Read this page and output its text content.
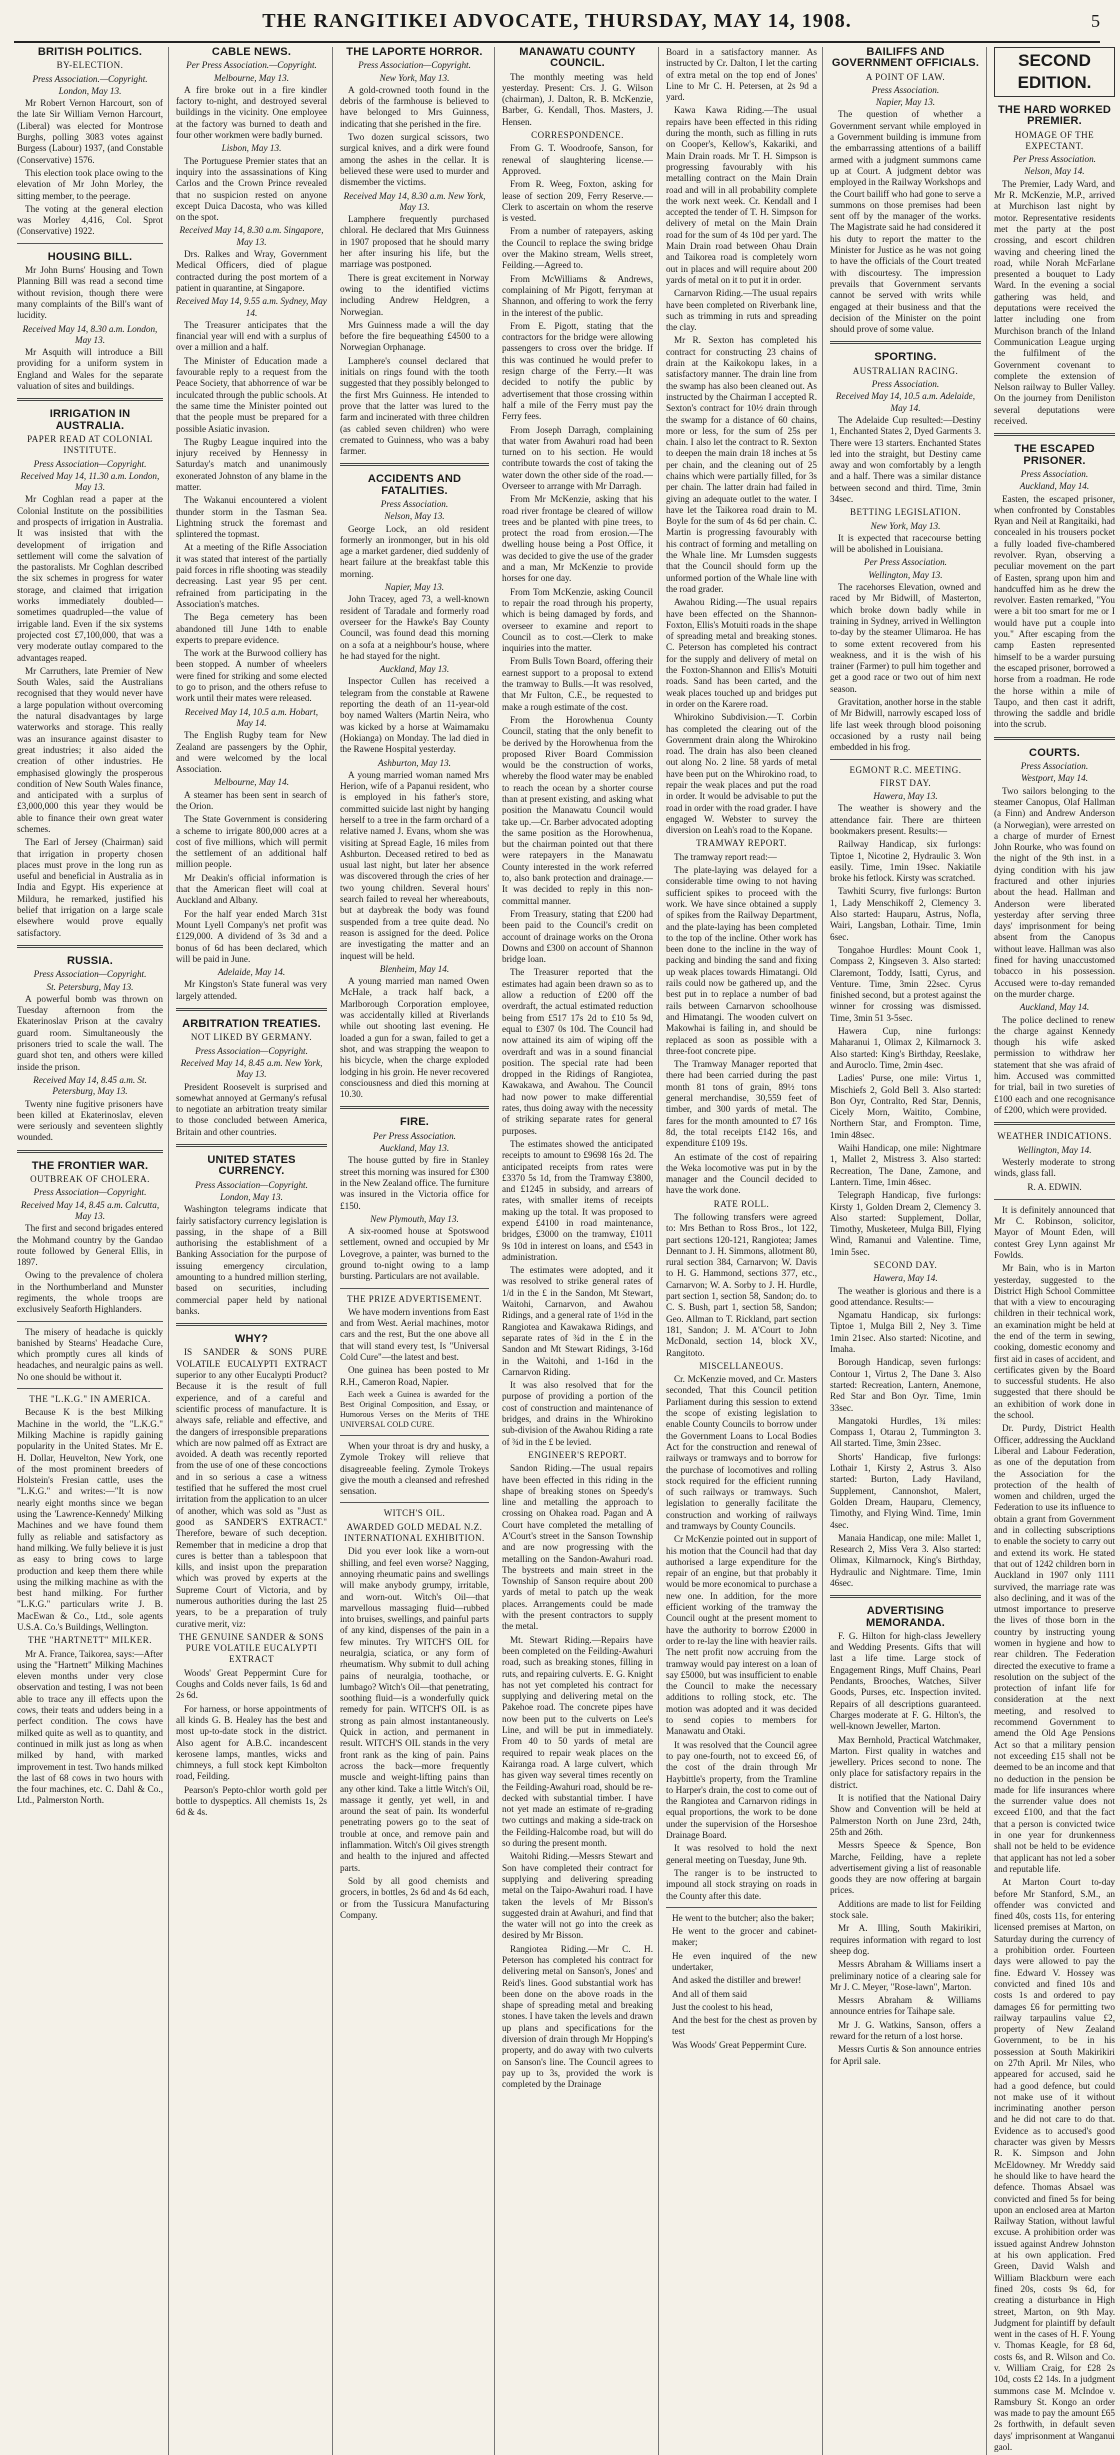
THE RANGITIKEI ADVOCATE, THURSDAY, MAY 14, 1908.	5
BRITISH POLITICS.
BY-ELECTION.
Press Association.—Copyright.
London, May 13.

Mr Robert Vernon Harcourt, son of the late Sir William Vernon Harcourt, (Liberal) was elected for Montrose Burghs, polling 3083 votes against Burgess (Labour) 1937, (and Constable (Conservative) 1576.

This election took place owing to the elevation of Mr John Morley, the sitting member, to the peerage.

The voting at the general election was Morley 4,416, Col. Sprot (Conservative) 1922.

HOUSING BILL.

Mr John Burns' Housing and Town Planning Bill was read a second time without revision, though there were many complaints of the Bill's want of lucidity.

Received May 14, 8.30 a.m. London, May 13.

Mr Asquith will introduce a Bill providing for a uniform system in England and Wales for the separate valuation of sites and buildings.

IRRIGATION IN AUSTRALIA.
PAPER READ AT COLONIAL INSTITUTE.
Press Association—Copyright.
Received May 14, 11.30 a.m. London, May 13.

Mr Coghlan read a paper at the Colonial Institute on the possibilities and prospects of irrigation in Australia. It was insisted that with the development of irrigation and settlement will come the salvation of the pastoralists. Mr Coghlan described the six schemes in progress for water storage, and claimed that irrigation works immediately doubled—sometimes quadrupled—the value of irrigable land. Even if the six systems projected cost £7,100,000, that was a very moderate outlay compared to the advantages reaped.

Mr Carruthers, late Premier of New South Wales, said the Australians recognised that they would never have a large population without overcoming the natural disadvantages by large waterworks and storage. This really was an insurance against disaster to great industries; it also aided the creation of other industries. He emphasised glowingly the prosperous condition of New South Wales finance, and anticipated with a surplus of £3,000,000 this year they would be able to finance their own great water schemes.

The Earl of Jersey (Chairman) said that irrigation in property chosen places must prove in the long run as useful and beneficial in Australia as in India and Egypt. His experience at Mildura, he remarked, justified his belief that irrigation on a large scale elsewhere would prove equally satisfactory.

RUSSIA.
Press Association—Copyright.
St. Petersburg, May 13.

A powerful bomb was thrown on Tuesday afternoon from the Ekaterinoslav Prison at the cavalry guard room. Simultaneously the prisoners tried to scale the wall. The guard shot ten, and others were killed inside the prison.

Received May 14, 8.45 a.m. St. Petersburg, May 13.

Twenty nine fugitive prisoners have been killed at Ekaterinoslav, eleven were seriously and seventeen slightly wounded.

THE FRONTIER WAR.
OUTBREAK OF CHOLERA.
Press Association—Copyright.
Received May 14, 8.45 a.m. Calcutta, May 13.

The first and second brigades entered the Mohmand country by the Gandao route followed by General Ellis, in 1897.

Owing to the prevalence of cholera in the Northumberland and Munster regiments, the whole troops are exclusively Seaforth Highlanders.

The misery of headache is quickly banished by Stearns' Headache Cure, which promptly cures all kinds of headaches, and neuralgic pains as well. No one should be without it.

THE "L.K.G." IN AMERICA.

Because K is the best Milking Machine in the world, the "L.K.G." Milking Machine is rapidly gaining popularity in the United States. Mr E. H. Dollar, Heuvelton, New York, one of the most prominent breeders of Holstein's Fresian cattle, uses the "L.K.G." and writes:—"It is now nearly eight months since we began using the 'Lawrence-Kennedy' Milking Machines and we have found them fully as reliable and satisfactory as hand milking. We fully believe it is just as easy to bring cows to large production and keep them there while using the milking machine as with the best hand milking. For further "L.K.G." particulars write J. B. MacEwan & Co., Ltd., sole agents U.S.A. Co.'s Buildings, Wellington.

THE "HARTNETT" MILKER.

Mr A. France, Taikorea, says:—After using the "Hartnett" Milking Machines eleven months under very close observation and testing, I was not been able to trace any ill effects upon the cows, their teats and udders being in a perfect condition. The cows have milked quite as well as to quantity, and continued in milk just as long as when milked by hand, with marked improvement in test. Two hands milked the last of 68 cows in two hours with the four machines, etc. C. Dahl & Co., Ltd., Palmerston North.

CABLE NEWS.
Per Press Association.—Copyright.
Melbourne, May 13.

A fire broke out in a fire kindler factory to-night, and destroyed several buildings in the vicinity. One employee at the factory was burned to death and four other workmen were badly burned.

Lisbon, May 13.

The Portuguese Premier states that an inquiry into the assassinations of King Carlos and the Crown Prince revealed that no suspicion rested on anyone except Duica Dacosta, who was killed on the spot.

Received May 14, 8.30 a.m. Singapore, May 13.

Drs. Ralkes and Wray, Government Medical Officers, died of plague contracted during the post mortem of a patient in quarantine, at Singapore.

Received May 14, 9.55 a.m. Sydney, May 14.

The Treasurer anticipates that the financial year will end with a surplus of over a million and a half.

The Minister of Education made a favourable reply to a request from the Peace Society, that abhorrence of war be inculcated through the public schools. At the same time the Minister pointed out that the people must be prepared for a possible Asiatic invasion.

The Rugby League inquired into the injury received by Hennessy in Saturday's match and unanimously exonerated Johnston of any blame in the matter.

The Wakanui encountered a violent thunder storm in the Tasman Sea. Lightning struck the foremast and splintered the topmast.

At a meeting of the Rifle Association it was stated that interest of the partially paid forces in rifle shooting was steadily decreasing. Last year 95 per cent. refrained from participating in the Association's matches.

The Bega cemetery has been abandoned till June 14th to enable experts to prepare evidence.

The work at the Burwood colliery has been stopped. A number of wheelers were fined for striking and some elected to go to prison, and the others refuse to work until their mates were released.

Received May 14, 10.5 a.m. Hobart, May 14.

The English Rugby team for New Zealand are passengers by the Ophir, and were welcomed by the local Association.

Melbourne, May 14.

A steamer has been sent in search of the Orion.

The State Government is considering a scheme to irrigate 800,000 acres at a cost of five millions, which will permit the settlement of an additional half million people.

Mr Deakin's official information is that the American fleet will coal at Auckland and Albany.

For the half year ended March 31st Mount Lyell Company's net profit was £129,000. A dividend of 3s 3d and a bonus of 6d has been declared, which will be paid in June.

Adelaide, May 14.

Mr Kingston's State funeral was very largely attended.

ARBITRATION TREATIES.
NOT LIKED BY GERMANY.
Press Association—Copyright.
Received May 14, 8.45 a.m. New York, May 13.

President Roosevelt is surprised and somewhat annoyed at Germany's refusal to negotiate an arbitration treaty similar to those concluded between America, Britain and other countries.

UNITED STATES CURRENCY.
Press Association—Copyright.
London, May 13.

Washington telegrams indicate that fairly satisfactory currency legislation is passing, in the shape of a Bill authorising the establishment of a Banking Association for the purpose of issuing emergency circulation, amounting to a hundred million sterling, based on securities, including commercial paper held by national banks.

WHY?

IS SANDER & SONS PURE VOLATILE EUCALYPTI EXTRACT superior to any other Eucalypti Product? Because it is the result of full experience, and of a careful and scientific process of manufacture. It is always safe, reliable and effective, and the dangers of irresponsible preparations which are now palmed off as Extract are avoided. A death was recently reported from the use of one of these concoctions and in so serious a case a witness testified that he suffered the most cruel irritation from the application to an ulcer of another, which was sold as "Just as good as SANDER'S EXTRACT." Therefore, beware of such deception. Remember that in medicine a drop that cures is better than a tablespoon that kills, and insist upon the preparation which was proved by experts at the Supreme Court of Victoria, and by numerous authorities during the last 25 years, to be a preparation of truly curative merit, viz:

THE GENUINE SANDER & SONS PURE VOLATILE EUCALYPTI EXTRACT

Woods' Great Peppermint Cure for Coughs and Colds never fails, 1s 6d and 2s 6d.

For harness, or horse appointments of all kinds G. B. Healey has the best and most up-to-date stock in the district. Also agent for A.B.C. incandescent kerosene lamps, mantles, wicks and chimneys, a full stock kept Kimbolton road, Feilding.

Pearson's Pepto-chlor worth gold per bottle to dyspeptics. All chemists 1s, 2s 6d & 4s.

THE LAPORTE HORROR.
Press Association—Copyright.
New York, May 13.

A gold-crowned tooth found in the debris of the farmhouse is believed to have belonged to Mrs Guinness, indicating that she perished in the fire.

Two dozen surgical scissors, two surgical knives, and a dirk were found among the ashes in the cellar. It is believed these were used to murder and dismember the victims.

Received May 14, 8.30 a.m. New York, May 13.

Lamphere frequently purchased chloral. He declared that Mrs Guinness in 1907 proposed that he should marry her after insuring his life, but the marriage was postponed.

There is great excitement in Norway owing to the identified victims including Andrew Heldgren, a Norwegian.

Mrs Guinness made a will the day before the fire bequeathing £4500 to a Norwegian Orphanage.

Lamphere's counsel declared that initials on rings found with the tooth suggested that they possibly belonged to the first Mrs Guinness. He intended to prove that the latter was lured to the farm and incinerated with three children (as cabled seven children) who were cremated to Guinness, who was a baby farmer.

ACCIDENTS AND FATALITIES.
Press Association.
Nelson, May 13.

George Lock, an old resident formerly an ironmonger, but in his old age a market gardener, died suddenly of heart failure at the breakfast table this morning.

Napier, May 13.

John Tracey, aged 73, a well-known resident of Taradale and formerly road overseer for the Hawke's Bay County Council, was found dead this morning on a sofa at a neighbour's house, where he had stayed for the night.

Auckland, May 13.

Inspector Cullen has received a telegram from the constable at Rawene reporting the death of an 11-year-old boy named Walters (Martin Neira, who was kicked by a horse at Waimamaku (Hokianga) on Monday. The lad died in the Rawene Hospital yesterday.

Ashburton, May 13.

A young married woman named Mrs Herion, wife of a Papanui resident, who is employed in his father's store, committed suicide last night by hanging herself to a tree in the farm orchard of a relative named J. Evans, whom she was visiting at Spread Eagle, 16 miles from Ashburton. Deceased retired to bed as usual last night, but later her absence was discovered through the cries of her two young children. Several hours' search failed to reveal her whereabouts, but at daybreak the body was found suspended from a tree quite dead. No reason is assigned for the deed. Police are investigating the matter and an inquest will be held.

Blenheim, May 14.

A young married man named Owen McHale, a track half back, a Marlborough Corporation employee, was accidentally killed at Riverlands while out shooting last evening. He loaded a gun for a swan, failed to get a shot, and was strapping the weapon to his bicycle, when the charge exploded lodging in his groin. He never recovered consciousness and died this morning at 10.30.

FIRE.
Per Press Association.
Auckland, May 13.

The house gutted by fire in Stanley street this morning was insured for £300 in the New Zealand office. The furniture was insured in the Victoria office for £150.

New Plymouth, May 13.

A six-roomed house at Spotswood settlement, owned and occupied by Mr Lovegrove, a painter, was burned to the ground to-night owing to a lamp bursting. Particulars are not available.

THE PRIZE ADVERTISEMENT.

We have modern inventions from East and from West. Aerial machines, motor cars and the rest, But the one above all that will stand every test, Is "Universal Cold Cure"—the latest and best.

One guinea has been posted to Mr R.H., Cameron Road, Napier.

Each week a Guinea is awarded for the Best Original Composition, and Essay, or Humorous Verses on the Merits of THE UNIVERSAL COLD CURE.

When your throat is dry and husky, a Zymole Trokey will relieve that disagreeable feeling. Zymole Trokeys give the mouth a cleansed and refreshed sensation.

WITCH'S OIL.
AWARDED GOLD MEDAL N.Z. INTERNATIONAL EXHIBITION.

Did you ever look like a worn-out shilling, and feel even worse? Nagging, annoying rheumatic pains and swellings will make anybody grumpy, irritable, and worn-out. Witch's Oil—that marvellous massaging fluid—rubbed into bruises, swellings, and painful parts of any kind, dispenses of the pain in a few minutes. Try WITCH'S OIL for neuralgia, sciatica, or any form of rheumatism. Why submit to dull aching pains of neuralgia, toothache, or lumbago? Witch's Oil—that penetrating, soothing fluid—is a wonderfully quick remedy for pain. WITCH'S OIL is as strong as pain almost instantaneously. Quick in action, and permanent in result. WITCH'S OIL stands in the very front rank as the king of pain. Pains across the back—more frequently muscle and weight-lifting pains than any other kind. Take a little Witch's Oil, massage it gently, yet well, in and around the seat of pain. Its wonderful penetrating powers go to the seat of trouble at once, and remove pain and inflammation. Witch's Oil gives strength and health to the injured and affected parts.

Sold by all good chemists and grocers, in bottles, 2s 6d and 4s 6d each, or from the Tussicura Manufacturing Company.

MANAWATU COUNTY COUNCIL.

The monthly meeting was held yesterday. Present: Crs. J. G. Wilson (chairman), J. Dalton, R. B. McKenzie, Barber, G. Kendall, Thos. Masters, J. Hensen.

CORRESPONDENCE.

From G. T. Woodroofe, Sanson, for renewal of slaughtering license.—Approved.

From R. Weeg, Foxton, asking for lease of section 209, Ferry Reserve.—Clerk to ascertain on whom the reserve is vested.

From a number of ratepayers, asking the Council to replace the swing bridge over the Makino stream, Wells street, Feilding.—Agreed to.

From McWilliams & Andrews, complaining of Mr Pigott, ferryman at Shannon, and offering to work the ferry in the interest of the public.

From E. Pigott, stating that the contractors for the bridge were allowing passengers to cross over the bridge. If this was continued he would prefer to resign charge of the Ferry.—It was decided to notify the public by advertisement that those crossing within half a mile of the Ferry must pay the Ferry fees.

From Joseph Darragh, complaining that water from Awahuri road had been turned on to his section. He would contribute towards the cost of taking the water down the other side of the road.—Overseer to arrange with Mr Darragh.

From Mr McKenzie, asking that his road river frontage be cleared of willow trees and be planted with pine trees, to protect the road from erosion.—The dwelling house being a Post Office, it was decided to give the use of the grader and a man, Mr McKenzie to provide horses for one day.

From Tom McKenzie, asking Council to repair the road through his property, which is being damaged by fords, and overseer to examine and report to Council as to cost.—Clerk to make inquiries into the matter.

From Bulls Town Board, offering their earnest support to a proposal to extend the tramway to Bulls.—It was resolved, that Mr Fulton, C.E., be requested to make a rough estimate of the cost.

From the Horowhenua County Council, stating that the only benefit to be derived by the Horowhenua from the proposed River Board Commission would be the construction of works, whereby the flood water may be enabled to reach the ocean by a shorter course than at present existing, and asking what position the Manawatu Council would take up.—Cr. Barber advocated adopting the same position as the Horowhenua, but the chairman pointed out that there were ratepayers in the Manawatu County interested in the work referred to, also bank protection and drainage.—It was decided to reply in this non-committal manner.

From Treasury, stating that £200 had been paid to the Council's credit on account of drainage works on the Orona Downs and £300 on account of Shannon bridge loan.

The Treasurer reported that the estimates had again been drawn so as to allow a reduction of £200 off the overdraft, the actual estimated reduction being from £517 17s 2d to £10 5s 9d, equal to £307 0s 10d. The Council had now attained its aim of wiping off the overdraft and was in a sound financial position. The special rate had been dropped in the Ridings of Rangiotea, Kawakawa, and Awahou. The Council had now power to make differential rates, thus doing away with the necessity of striking separate rates for general purposes.

The estimates showed the anticipated receipts to amount to £9698 16s 2d. The anticipated receipts from rates were £3370 5s 1d, from the Tramway £3800, and £1245 in subsidy, and arrears of rates, with smaller items of receipts making up the total. It was proposed to expend £4100 in road maintenance, bridges, £3000 on the tramway, £1011 9s 10d in interest on loans, and £543 in administration.

The estimates were adopted, and it was resolved to strike general rates of 1/d in the £ in the Sandon, Mt Stewart, Waitohi, Carnarvon, and Awahou Ridings, and a general rate of 1½d in the Rangiotea and Kawakawa Ridings, and separate rates of ¾d in the £ in the Sandon and Mt Stewart Ridings, 3-16d in the Waitohi, and 1-16d in the Carnarvon Riding.

It was also resolved that for the purpose of providing a portion of the cost of construction and maintenance of bridges, and drains in the Whirokino sub-division of the Awahou Riding a rate of ¾d in the £ be levied.

ENGINEER'S REPORT.

Sandon Riding.—The usual repairs have been effected in this riding in the shape of breaking stones on Speedy's line and metalling the approach to crossing on Ohakea road. Pagan and A Court have completed the metalling of A'Court's street in the Sanson Township and are now progressing with the metalling on the Sandon-Awahuri road. The bystreets and main street in the Township of Sanson require about 200 yards of metal to patch up the weak places. Arrangements could be made with the present contractors to supply the metal.

Mt. Stewart Riding.—Repairs have been completed on the Feilding-Awahuri road, such as breaking stones, filling in ruts, and repairing culverts. E. G. Knight has not yet completed his contract for supplying and delivering metal on the Pakehoe road. The concrete pipes have now been put to the culverts on Lee's Line, and will be put in immediately. From 40 to 50 yards of metal are required to repair weak places on the Kairanga road. A large culvert, which has given way several times recently on the Feilding-Awahuri road, should be re-decked with substantial timber. I have not yet made an estimate of re-grading two cuttings and making a side-track on the Feilding-Halcombe road, but will do so during the present month.

Waitohi Riding.—Messrs Stewart and Son have completed their contract for supplying and delivering spreading metal on the Taipo-Awahuri road. I have taken the levels of Mr Bisson's suggested drain at Awahuri, and find that the water will not go into the creek as desired by Mr Bisson.

Rangiotea Riding.—Mr C. H. Peterson has completed his contract for delivering metal on Sanson's, Jones' and Reid's lines. Good substantial work has been done on the above roads in the shape of spreading metal and breaking stones. I have taken the levels and drawn up plans and specifications for the diversion of drain through Mr Hopping's property, and do away with two culverts on Sanson's line. The Council agrees to pay up to 3s, provided the work is completed by the Drainage

Board in a satisfactory manner. As instructed by Cr. Dalton, I let the carting of extra metal on the top end of Jones' Line to Mr C. H. Petersen, at 2s 9d a yard.

Kawa Kawa Riding.—The usual repairs have been effected in this riding during the month, such as filling in ruts on Cooper's, Kellow's, Kakariki, and Main Drain roads. Mr T. H. Simpson is progressing favourably with his metalling contract on the Main Drain road and will in all probability complete the work next week. Cr. Kendall and I accepted the tender of T. H. Simpson for delivery of metal on the Main Drain road for the sum of 4s 10d per yard. The Main Drain road between Ohau Drain and Taikorea road is completely worn out in places and will require about 200 yards of metal on it to put it in order.

Carnarvon Riding.—The usual repairs have been completed on Riverbank line, such as trimming in ruts and spreading the clay.

Mr R. Sexton has completed his contract for constructing 23 chains of drain at the Kaikokopu lakes, in a satisfactory manner. The drain line from the swamp has also been cleaned out. As instructed by the Chairman I accepted R. Sexton's contract for 10½ drain through the swamp for a distance of 60 chains, more or less, for the sum of 25s per chain. I also let the contract to R. Sexton to deepen the main drain 18 inches at 5s per chain, and the cleaning out of 25 chains which were partially filled, for 3s per chain. The latter drain had failed in giving an adequate outlet to the water. I have let the Taikorea road drain to M. Boyle for the sum of 4s 6d per chain. C. Martin is progressing favourably with his contract of forming and metalling on the Whale line. Mr Lumsden suggests that the Council should form up the unformed portion of the Whale line with the road grader.

Awahou Riding.—The usual repairs have been effected on the Shannon-Foxton, Ellis's Motuiti roads in the shape of spreading metal and breaking stones. C. Peterson has completed his contract for the supply and delivery of metal on the Foxton-Shannon and Ellis's Motuiti roads. Sand has been carted, and the weak places touched up and bridges put in order on the Karere road.

Whirokino Subdivision.—T. Corbin has completed the clearing out of the Government drain along the Whirokino road. The drain has also been cleaned out along No. 2 line. 58 yards of metal have been put on the Whirokino road, to repair the weak places and put the road in order. It would be advisable to put the road in order with the road grader. I have engaged W. Webster to survey the diversion on Leah's road to the Kopane.

TRAMWAY REPORT.

The tramway report read:—

The plate-laying was delayed for a considerable time owing to not having sufficient spikes to proceed with the work. We have since obtained a supply of spikes from the Railway Department, and the plate-laying has been completed to the top of the incline. Other work has been done to the incline in the way of packing and binding the sand and fixing up weak places towards Himatangi. Old rails could now be gathered up, and the best put in to replace a number of bad rails between Carnarvon schoolhouse and Himatangi. The wooden culvert on Makowhai is failing in, and should be replaced as soon as possible with a three-foot concrete pipe.

The Tramway Manager reported that there had been carried during the past month 81 tons of grain, 89½ tons general merchandise, 30,559 feet of timber, and 300 yards of metal. The fares for the month amounted to £7 16s 8d, the total receipts £142 16s, and expenditure £109 19s.

An estimate of the cost of repairing the Weka locomotive was put in by the manager and the Council decided to have the work done.

RATE ROLL.

The following transfers were agreed to: Mrs Bethan to Ross Bros., lot 122, part sections 120-121, Rangiotea; James Dennant to J. H. Simmons, allotment 80, rural section 384, Carnarvon; W. Davis to H. G. Hammond, sections 377, etc., Carnarvon; W. A. Sorby to J. H. Hurdle, part section 1, section 58, Sandon; do. to C. S. Bush, part 1, section 58, Sandon; Geo. Allman to T. Rickland, part section 181, Sandon; J. M. A'Court to John McDonald, section 14, block XV., Rangitoto.

MISCELLANEOUS.

Cr. McKenzie moved, and Cr. Masters seconded, That this Council petition Parliament during this session to extend the scope of existing legislation to enable County Councils to borrow under the Government Loans to Local Bodies Act for the construction and renewal of railways or tramways and to borrow for the purchase of locomotives and rolling stock required for the efficient running of such railways or tramways. Such legislation to generally facilitate the construction and working of railways and tramways by County Councils.

Cr McKenzie pointed out in support of his motion that the Council had that day authorised a large expenditure for the repair of an engine, but that probably it would be more economical to purchase a new one. In addition, for the more efficient working of the tramway the Council ought at the present moment to have the authority to borrow £2000 in order to re-lay the line with heavier rails. The nett profit now accruing from the tramway would pay interest on a loan of say £5000, but was insufficient to enable the Council to make the necessary additions to rolling stock, etc. The motion was adopted and it was decided to send copies to members for Manawatu and Otaki.

It was resolved that the Council agree to pay one-fourth, not to exceed £6, of the cost of the drain through Mr Haybittle's property, from the Tramline to Harper's drain, the cost to come out of the Rangiotea and Carnarvon ridings in equal proportions, the work to be done under the supervision of the Horseshoe Drainage Board.

It was resolved to hold the next general meeting on Tuesday, June 9th.

The ranger is to be instructed to impound all stock straying on roads in the County after this date.

He went to the butcher; also the baker;

He went to the grocer and cabinet-maker;

He even inquired of the new undertaker,

And asked the distiller and brewer!

And all of them said

Just the coolest to his head,

And the best for the chest as proven by test

Was Woods' Great Peppermint Cure.

BAILIFFS AND GOVERNMENT OFFICIALS.
A POINT OF LAW.
Press Association.
Napier, May 13.

The question of whether a Government servant while employed in a Government building is immune from the embarrassing attentions of a bailiff armed with a judgment summons came up at Court. A judgment debtor was employed in the Railway Workshops and the Court bailiff who had gone to serve a summons on those premises had been sent off by the manager of the works. The Magistrate said he had considered it his duty to report the matter to the Minister for Justice as he was not going to have the officials of the Court treated with discourtesy. The impression prevails that Government servants cannot be served with writs while engaged at their business and that the decision of the Minister on the point should prove of some value.

SPORTING.
AUSTRALIAN RACING.
Press Association.
Received May 14, 10.5 a.m. Adelaide, May 14.

The Adelaide Cup resulted:—Destiny 1, Enchanted States 2, Dyed Garments 3. There were 13 starters. Enchanted States led into the straight, but Destiny came away and won comfortably by a length and a half. There was a similar distance between second and third. Time, 3min 34sec.

BETTING LEGISLATION.
New York, May 13.

It is expected that racecourse betting will be abolished in Louisiana.

Per Press Association.
Wellington, May 13.

The racehorses Elevation, owned and raced by Mr Bidwill, of Masterton, which broke down badly while in training in Sydney, arrived in Wellington to-day by the steamer Ulimaroa. He has to some extent recovered from his weakness, and it is the wish of his trainer (Farmer) to pull him together and get a good race or two out of him next season.

Gravitation, another horse in the stable of Mr Bidwill, narrowly escaped loss of life last week through blood poisoning occasioned by a rusty nail being embedded in his frog.

EGMONT R.C. MEETING.
FIRST DAY.
Hawera, May 13.

The weather is showery and the attendance fair. There are thirteen bookmakers present. Results:—

Railway Handicap, six furlongs: Tiptoe 1, Nicotine 2, Hydraulic 3. Won easily. Time, 1min 19sec. Nakiatile broke his fetlock. Kirsty was scratched.

Tawhiti Scurry, five furlongs: Burton 1, Lady Menschikoff 2, Clemency 3. Also started: Hauparu, Astrus, Nofla, Wairi, Langsban, Lothair. Time, 1min 6sec.

Tongahoe Hurdles: Mount Cook 1, Compass 2, Kingseven 3. Also started: Claremont, Toddy, Isatti, Cyrus, and Venture. Time, 3min 22sec. Cyrus finished second, but a protest against the winner for crossing was dismissed. Time, 3min 51 3-5sec.

Hawera Cup, nine furlongs: Maharanui 1, Olimax 2, Kilmarnock 3. Also started: King's Birthday, Reeslake, and Auroclo. Time, 2min 4sec.

Ladies' Purse, one mile: Virtus 1, Mischiefs 2, Gold Bell 3. Also started: Bon Oyr, Contralto, Red Star, Dennis, Cicely Morn, Waitito, Combine, Northern Star, and Frompton. Time, 1min 48sec.

Waihi Handicap, one mile: Nightmare 1, Mallet 2, Mistress 3. Also started: Recreation, The Dane, Zamone, and Lantern. Time, 1min 46sec.

Telegraph Handicap, five furlongs: Kirsty 1, Golden Dream 2, Clemency 3. Also started: Supplement, Dollar, Timothy, Musketeer, Mulga Bill, Flying Wind, Ramanui and Valentine. Time, 1min 5sec.

SECOND DAY.
Hawera, May 14.

The weather is glorious and there is a good attendance. Results:—

Ngamatu Handicap, six furlongs: Tiptoe 1, Mulga Bill 2, Ney 3. Time 1min 21sec. Also started: Nicotine, and Imaha.

Borough Handicap, seven furlongs: Contour 1, Virtus 2, The Dane 3. Also started: Recreation, Lantern, Anemone, Red Star and Bon Oyr. Time, 1min 33sec.

Mangatoki Hurdles, 1¾ miles: Compass 1, Otarau 2, Tummington 3. All started. Time, 3min 23sec.

Shorts' Handicap, five furlongs: Lothair 1, Kirsty 2, Astrus 3. Also started: Burton, Lady Haviland, Supplement, Cannonshot, Malert, Golden Dream, Hauparu, Clemency, Timothy, and Flying Wind. Time, 1min 4sec.

Manaia Handicap, one mile: Mallet 1, Research 2, Miss Vera 3. Also started: Olimax, Kilmarnock, King's Birthday, Hydraulic and Nightmare. Time, 1min 46sec.

ADVERTISING MEMORANDA.

F. G. Hilton for high-class Jewellery and Wedding Presents. Gifts that will last a life time. Large stock of Engagement Rings, Muff Chains, Pearl Pendants, Brooches, Watches, Silver Goods, Purses, etc. Inspection invited. Repairs of all descriptions guaranteed. Charges moderate at F. G. Hilton's, the well-known Jeweller, Marton.

Max Bernhold, Practical Watchmaker, Marton. First quality in watches and jewellery. Prices second to none. The only place for satisfactory repairs in the district.

It is notified that the National Dairy Show and Convention will be held at Palmerston North on June 23rd, 24th, 25th and 26th.

Messrs Speece & Spence, Bon Marche, Feilding, have a replete advertisement giving a list of reasonable goods they are now offering at bargain prices.

Additions are made to list for Feilding stock sale.

Mr A. Illing, South Makirikiri, requires information with regard to lost sheep dog.

Messrs Abraham & Williams insert a preliminary notice of a clearing sale for Mr J. C. Meyer, "Rose-lawn", Marton.

Messrs Abraham & Williams announce entries for Taihape sale.

Mr J. G. Watkins, Sanson, offers a reward for the return of a lost horse.

Messrs Curtis & Son announce entries for April sale.

SECOND EDITION.
THE HARD WORKED PREMIER.
HOMAGE OF THE EXPECTANT.
Per Press Association.
Nelson, May 14.

The Premier, Lady Ward, and Mr R. McKenzie, M.P., arrived at Murchison last night by motor. Representative residents met the party at the post crossing, and escort children waving and cheering lined the road, while Norah McFarlane presented a bouquet to Lady Ward. In the evening a social gathering was held, and deputations were received the latter including one from Murchison branch of the Inland Communication League urging the fulfilment of the Government covenant to complete the extension of Nelson railway to Buller Valley. On the journey from Deniliston several deputations were received.

THE ESCAPED PRISONER.
Press Association.
Auckland, May 14.

Easten, the escaped prisoner, when confronted by Constables Ryan and Neil at Rangitaiki, had concealed in his trousers pocket a fully loaded five-chambered revolver. Ryan, observing a peculiar movement on the part of Easten, sprang upon him and handcuffed him as he drew the revolver. Easten remarked, "You were a bit too smart for me or I would have put a couple into you." After escaping from the camp Easten represented himself to be a warder pursuing the escaped prisoner, borrowed a horse from a roadman. He rode the horse within a mile of Taupo, and then cast it adrift, throwing the saddle and bridle into the scrub.

COURTS.
Press Association.
Westport, May 14.

Two sailors belonging to the steamer Canopus, Olaf Hallman (a Finn) and Andrew Anderson (a Norwegian), were arrested on a charge of murder of Ernest John Rourke, who was found on the night of the 9th inst. in a dying condition with his jaw fractured and other injuries about the head. Hallman and Anderson were liberated yesterday after serving three days' imprisonment for being absent from the Canopus without leave. Hallman was also fined for having unaccustomed tobacco in his possession. Accused were to-day remanded on the murder charge.

Auckland, May 14.

The police declined to renew the charge against Kennedy though his wife asked permission to withdraw her statement that she was afraid of him. Accused was committed for trial, bail in two sureties of £100 each and one recognisance of £200, which were provided.

WEATHER INDICATIONS.
Wellington, May 14.

Westerly moderate to strong winds, glass fall.

R. A. EDWIN.

It is definitely announced that Mr C. Robinson, solicitor, Mayor of Mount Eden, will contest Grey Lynn against Mr Fowlds.

Mr Bain, who is in Marton yesterday, suggested to the District High School Committee that with a view to encouraging children in their technical work, an examination might be held at the end of the term in sewing, cooking, domestic economy and first aid in cases of accident, and certificates given by the Board to successful students. He also suggested that there should be an exhibition of work done in the school.

Dr. Purdy, District Health Officer, addressing the Auckland Liberal and Labour Federation, as one of the deputation from the Association for the protection of the health of women and children, urged the Federation to use its influence to obtain a grant from Government and in collecting subscriptions to enable the society to carry out and extend its work. He stated that out of 1242 children born in Auckland in 1907 only 1111 survived, the marriage rate was also declining, and it was of the utmost importance to preserve the lives of those born in the country by instructing young women in hygiene and how to rear children. The Federation directed the executive to frame a resolution on the subject of the protection of infant life for consideration at the next meeting, and resolved to recommend Government to amend the Old Age Pensions Act so that a military pension not exceeding £15 shall not be deemed to be an income and that no deduction in the pension be made for life insurances where the surrender value does not exceed £100, and that the fact that a person is convicted twice in one year for drunkenness shall not be held to be evidence that applicant has not led a sober and reputable life.

At Marton Court to-day before Mr Stanford, S.M., an offender was convicted and fined 40s, costs 11s, for entering licensed premises at Marton, on Saturday during the currency of a prohibition order. Fourteen days were allowed to pay the fine. Edward V. Hossey was convicted and fined 10s and costs 1s and ordered to pay damages £6 for permitting two railway tarpaulins value £2, property of New Zealand Government, to be in his possession at South Makirikiri on 27th April. Mr Niles, who appeared for accused, said he had a good defence, but could not make use of it without incriminating another person and he did not care to do that. Evidence as to accused's good character was given by Messrs R. K. Simpson and John McEldowney. Mr Wreddy said he should like to have heard the defence. Thomas Absael was convicted and fined 5s for being upon an enclosed area at Marton Railway Station, without lawful excuse. A prohibition order was issued against Andrew Johnston at his own application. Fred Green, David Walsh and William Blackburn were each fined 20s, costs 9s 6d, for creating a disturbance in High street, Marton, on 9th May. Judgment for plaintiff by default went in the cases of H. F. Young v. Thomas Keagle, for £8 6d, costs 6s, and R. Wilson and Co. v. William Craig, for £28 2s 10d, costs £2 14s. In a judgment summons case M. McIndoe v. Ramsbury St. Kongo an order was made to pay the amount £65 2s forthwith, in default seven days' imprisonment at Wanganui gaol.
